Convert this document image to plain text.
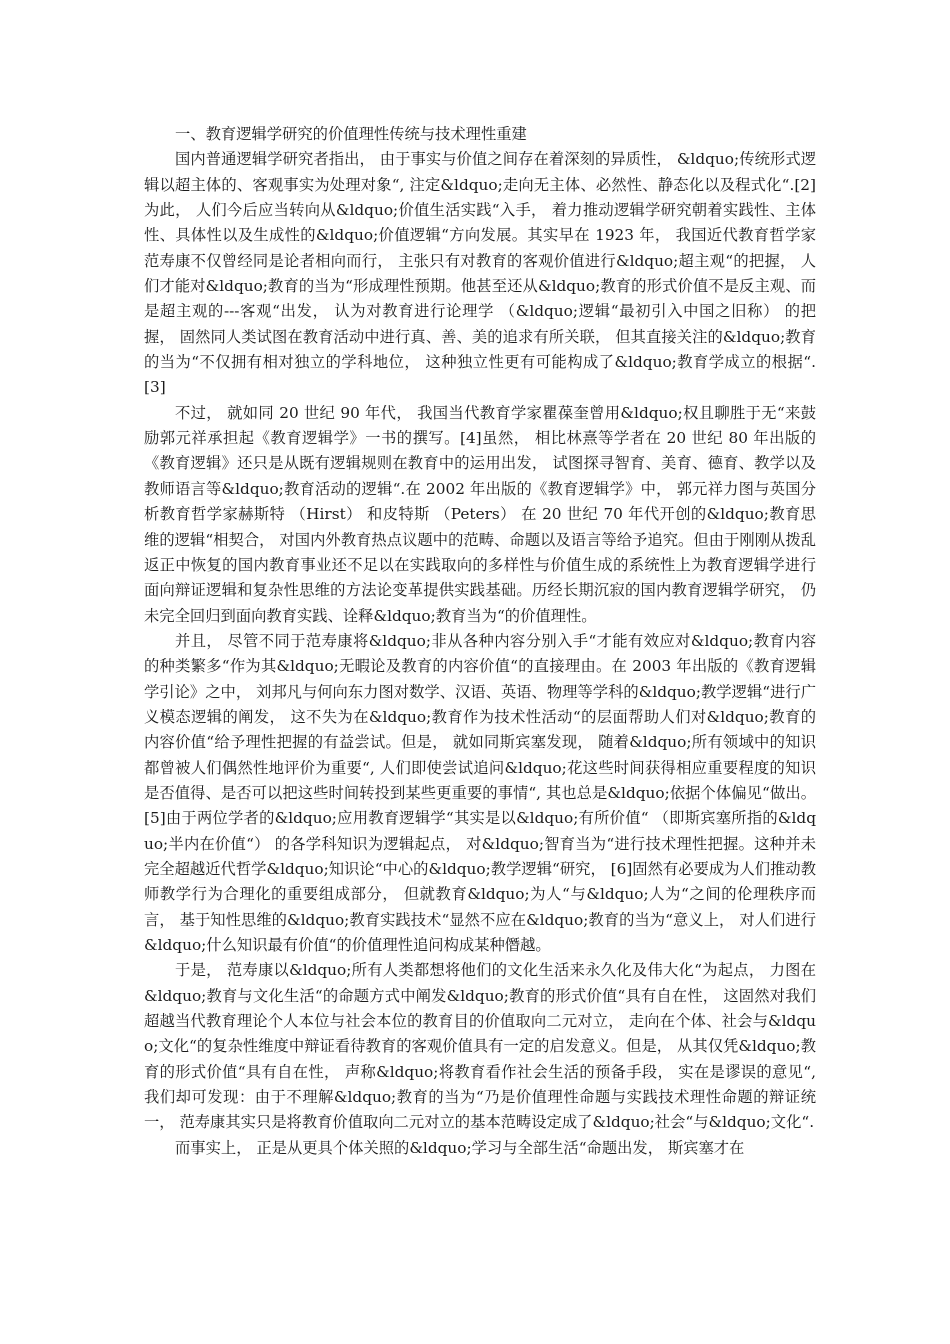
一、教育逻辑学研究的价值理性传统与技术理性重建

国内普通逻辑学研究者指出， 由于事实与价值之间存在着深刻的异质性， &ldquo;传统形式逻辑以超主体的、客观事实为处理对象“, 注定&ldquo;走向无主体、必然性、静态化以及程式化“.[2]为此， 人们今后应当转向从&ldquo;价值生活实践“入手， 着力推动逻辑学研究朝着实践性、主体性、具体性以及生成性的&ldquo;价值逻辑“方向发展。其实早在 1923 年， 我国近代教育哲学家范寿康不仅曾经同是论者相向而行， 主张只有对教育的客观价值进行&ldquo;超主观“的把握， 人们才能对&ldquo;教育的当为“形成理性预期。他甚至还从&ldquo;教育的形式价值不是反主观、而是超主观的---客观“出发， 认为对教育进行论理学 （&ldquo;逻辑“最初引入中国之旧称） 的把握， 固然同人类试图在教育活动中进行真、善、美的追求有所关联， 但其直接关注的&ldquo;教育的当为“不仅拥有相对独立的学科地位， 这种独立性更有可能构成了&ldquo;教育学成立的根据“.[3]

不过， 就如同 20 世纪 90 年代， 我国当代教育学家瞿葆奎曾用&ldquo;权且聊胜于无“来鼓励郭元祥承担起《教育逻辑学》一书的撰写。[4]虽然， 相比林熹等学者在 20 世纪 80 年出版的《教育逻辑》还只是从既有逻辑规则在教育中的运用出发， 试图探寻智育、美育、德育、教学以及教师语言等&ldquo;教育活动的逻辑“.在 2002 年出版的《教育逻辑学》中， 郭元祥力图与英国分析教育哲学家赫斯特 （Hirst） 和皮特斯 （Peters） 在 20 世纪 70 年代开创的&ldquo;教育思维的逻辑“相契合， 对国内外教育热点议题中的范畴、命题以及语言等给予追究。但由于刚刚从拨乱返正中恢复的国内教育事业还不足以在实践取向的多样性与价值生成的系统性上为教育逻辑学进行面向辩证逻辑和复杂性思维的方法论变革提供实践基础。历经长期沉寂的国内教育逻辑学研究， 仍未完全回归到面向教育实践、诠释&ldquo;教育当为“的价值理性。

并且， 尽管不同于范寿康将&ldquo;非从各种内容分别入手“才能有效应对&ldquo;教育内容的种类繁多“作为其&ldquo;无暇论及教育的内容价值“的直接理由。在 2003 年出版的《教育逻辑学引论》之中， 刘邦凡与何向东力图对数学、汉语、英语、物理等学科的&ldquo;教学逻辑“进行广义模态逻辑的阐发， 这不失为在&ldquo;教育作为技术性活动“的层面帮助人们对&ldquo;教育的内容价值“给予理性把握的有益尝试。但是， 就如同斯宾塞发现， 随着&ldquo;所有领域中的知识都曾被人们偶然性地评价为重要“, 人们即使尝试追问&ldquo;花这些时间获得相应重要程度的知识是否值得、是否可以把这些时间转投到某些更重要的事情“, 其也总是&ldquo;依据个体偏见“做出。[5]由于两位学者的&ldquo;应用教育逻辑学“其实是以&ldquo;有所价值“ （即斯宾塞所指的&ldquo;半内在价值“） 的各学科知识为逻辑起点， 对&ldquo;智育当为“进行技术理性把握。这种并未完全超越近代哲学&ldquo;知识论“中心的&ldquo;教学逻辑“研究， [6]固然有必要成为人们推动教师教学行为合理化的重要组成部分， 但就教育&ldquo;为人“与&ldquo;人为“之间的伦理秩序而言， 基于知性思维的&ldquo;教育实践技术“显然不应在&ldquo;教育的当为“意义上， 对人们进行&ldquo;什么知识最有价值“的价值理性追问构成某种僭越。

于是， 范寿康以&ldquo;所有人类都想将他们的文化生活来永久化及伟大化“为起点， 力图在&ldquo;教育与文化生活“的命题方式中阐发&ldquo;教育的形式价值“具有自在性， 这固然对我们超越当代教育理论个人本位与社会本位的教育目的价值取向二元对立， 走向在个体、社会与&ldquo;文化“的复杂性维度中辩证看待教育的客观价值具有一定的启发意义。但是， 从其仅凭&ldquo;教育的形式价值“具有自在性， 声称&ldquo;将教育看作社会生活的预备手段， 实在是谬误的意见“, 我们却可发现：由于不理解&ldquo;教育的当为“乃是价值理性命题与实践技术理性命题的辩证统一， 范寿康其实只是将教育价值取向二元对立的基本范畴设定成了&ldquo;社会“与&ldquo;文化“.

而事实上， 正是从更具个体关照的&ldquo;学习与全部生活“命题出发， 斯宾塞才在
